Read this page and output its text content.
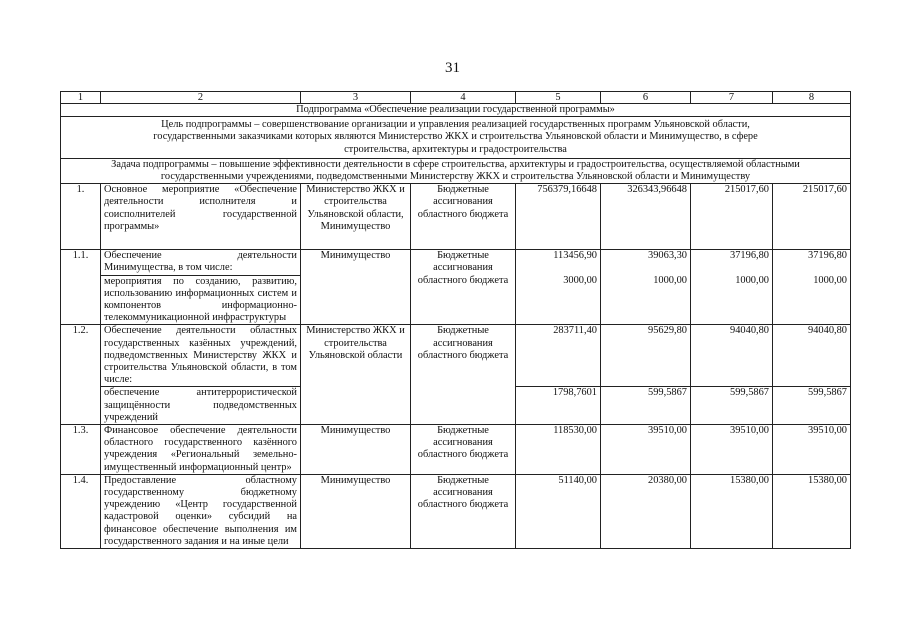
31
1	2	3	4	5	6	7	8
Подпрограмма «Обеспечение реализации государственной программы»							
Цель подпрограммы – совершенствование организации и управления реализацией государственных программ Ульяновской области, государственными заказчиками которых являются Министерство ЖКХ и строительства Ульяновской области и Минимущество, в сфере строительства, архитектуры и градостроительства							
Задача подпрограммы – повышение эффективности деятельности в сфере строительства, архитектуры и градостроительства, осуществляемой областными государственными учреждениями, подведомственными Министерству ЖКХ и строительства Ульяновской области и Минимуществу							
1.	Основное мероприятие «Обеспечение деятельности исполнителя и соисполнителей государственной программы»	Министерство ЖКХ и строительства Ульяновской области, Минимущество	Бюджетные ассигнования областного бюджета	756379,16648	326343,96648	215017,60	215017,60
1.1.	Обеспечение деятельности Минимущества, в том числе:	Минимущество	Бюджетные ассигнования областного бюджета	113456,90	39063,30	37196,80	37196,80
	мероприятия по созданию, развитию, использованию информационных систем и компонентов информационно-телекоммуникационной инфраструктуры			3000,00	1000,00	1000,00	1000,00
1.2.	Обеспечение деятельности областных государственных казённых учреждений, подведомственных Министерству ЖКХ и строительства Ульяновской области, в том числе:	Министерство ЖКХ и строительства Ульяновской области	Бюджетные ассигнования областного бюджета	283711,40	95629,80	94040,80	94040,80
	обеспечение антитеррористической защищённости подведомственных учреждений			1798,7601	599,5867	599,5867	599,5867
1.3.	Финансовое обеспечение деятельности областного государственного казённого учреждения «Региональный земельно-имущественный информационный центр»	Минимущество	Бюджетные ассигнования областного бюджета	118530,00	39510,00	39510,00	39510,00
1.4.	Предоставление областному государственному бюджетному учреждению «Центр государственной кадастровой оценки» субсидий на финансовое обеспечение выполнения им государственного задания и на иные цели	Минимущество	Бюджетные ассигнования областного бюджета	51140,00	20380,00	15380,00	15380,00
